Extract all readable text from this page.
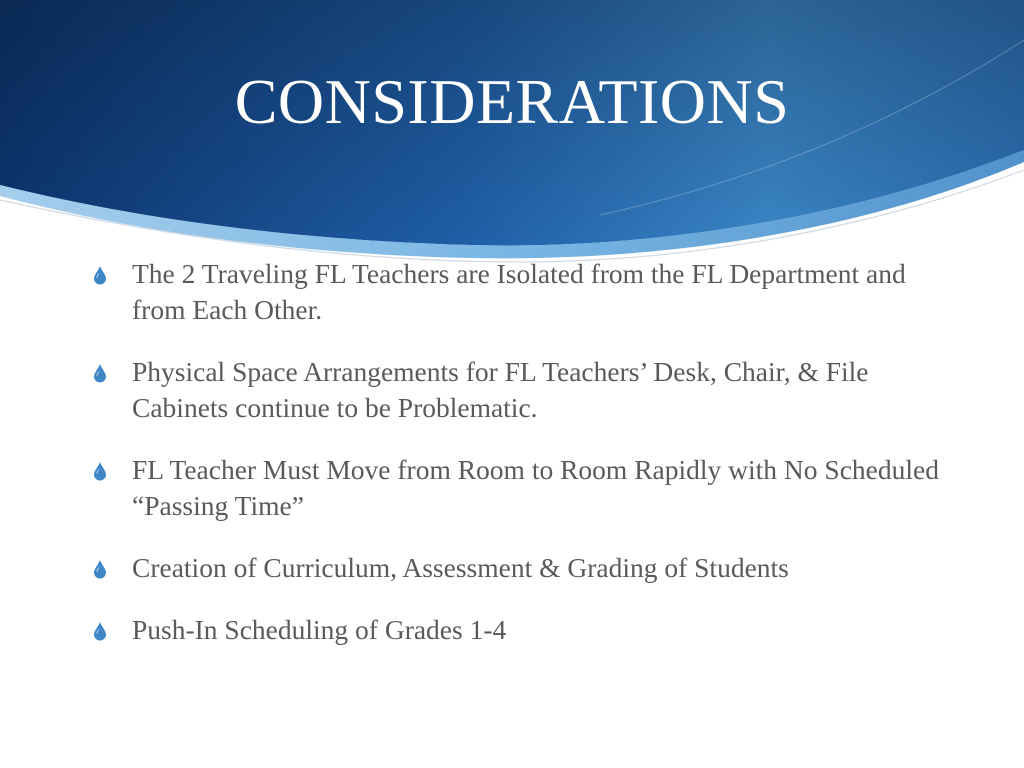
CONSIDERATIONS
The 2 Traveling FL Teachers are Isolated from the FL Department and from Each Other.
Physical Space Arrangements for FL Teachers’ Desk, Chair, & File Cabinets continue to be Problematic.
FL Teacher Must Move from Room to Room Rapidly with No Scheduled “Passing Time”
Creation of Curriculum, Assessment & Grading of Students
Push-In Scheduling of Grades 1-4
